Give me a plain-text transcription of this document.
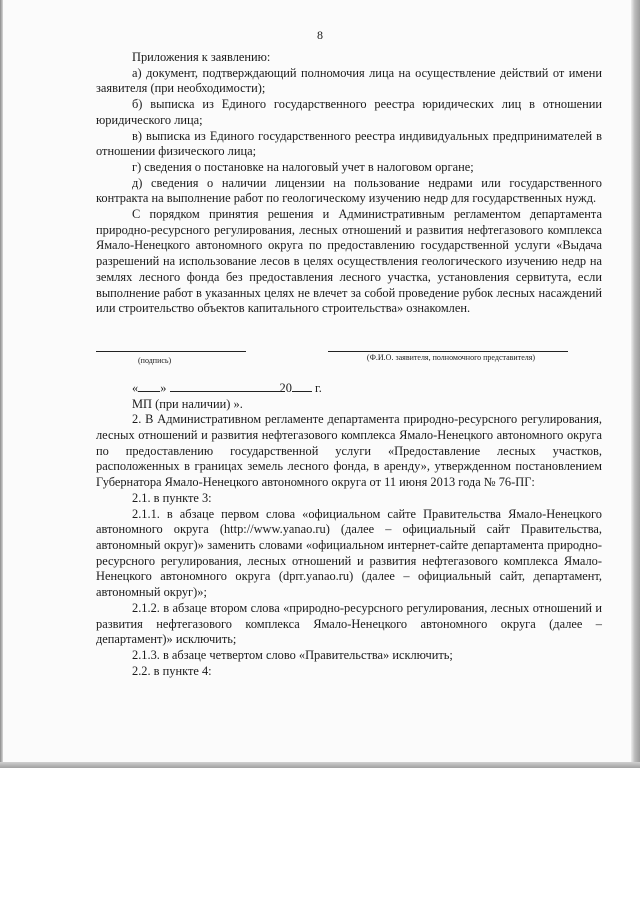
8

Приложения к заявлению:

а) документ, подтверждающий полномочия лица на осуществление действий от имени заявителя (при необходимости);

б) выписка из Единого государственного реестра юридических лиц в отношении юридического лица;

в) выписка из Единого государственного реестра индивидуальных предпринимателей в отношении физического лица;

г) сведения о постановке на налоговый учет в налоговом органе;

д) сведения о наличии лицензии на пользование недрами или государственного контракта на выполнение работ по геологическому изучению недр для государственных нужд.

С порядком принятия решения и Административным регламентом департамента природно-ресурсного регулирования, лесных отношений и развития нефтегазового комплекса Ямало-Ненецкого автономного округа по предоставлению государственной услуги «Выдача разрешений на использование лесов в целях осуществления геологического изучению недр на землях лесного фонда без предоставления лесного участка, установления сервитута, если выполнение работ в указанных целях не влечет за собой проведение рубок лесных насаждений или строительство объектов капитального строительства» ознакомлен.

(подпись)	(Ф.И.О. заявителя, полномочного представителя)

« »	20 г.

МП (при наличии) ».

2. В Административном регламенте департамента природно-ресурсного регулирования, лесных отношений и развития нефтегазового комплекса Ямало-Ненецкого автономного округа по предоставлению государственной услуги «Предоставление лесных участков, расположенных в границах земель лесного фонда, в аренду», утвержденном постановлением Губернатора Ямало-Ненецкого автономного округа от 11 июня 2013 года № 76-ПГ:

2.1. в пункте 3:

2.1.1. в абзаце первом слова «официальном сайте Правительства Ямало-Ненецкого автономного округа (http://www.yanao.ru) (далее – официальный сайт Правительства, автономный округ)» заменить словами «официальном интернет-сайте департамента природно-ресурсного регулирования, лесных отношений и развития нефтегазового комплекса Ямало-Ненецкого автономного округа (dprr.yanao.ru) (далее – официальный сайт, департамент, автономный округ)»;

2.1.2. в абзаце втором слова «природно-ресурсного регулирования, лесных отношений и развития нефтегазового комплекса Ямало-Ненецкого автономного округа (далее – департамент)» исключить;

2.1.3. в абзаце четвертом слово «Правительства» исключить;

2.2. в пункте 4:
